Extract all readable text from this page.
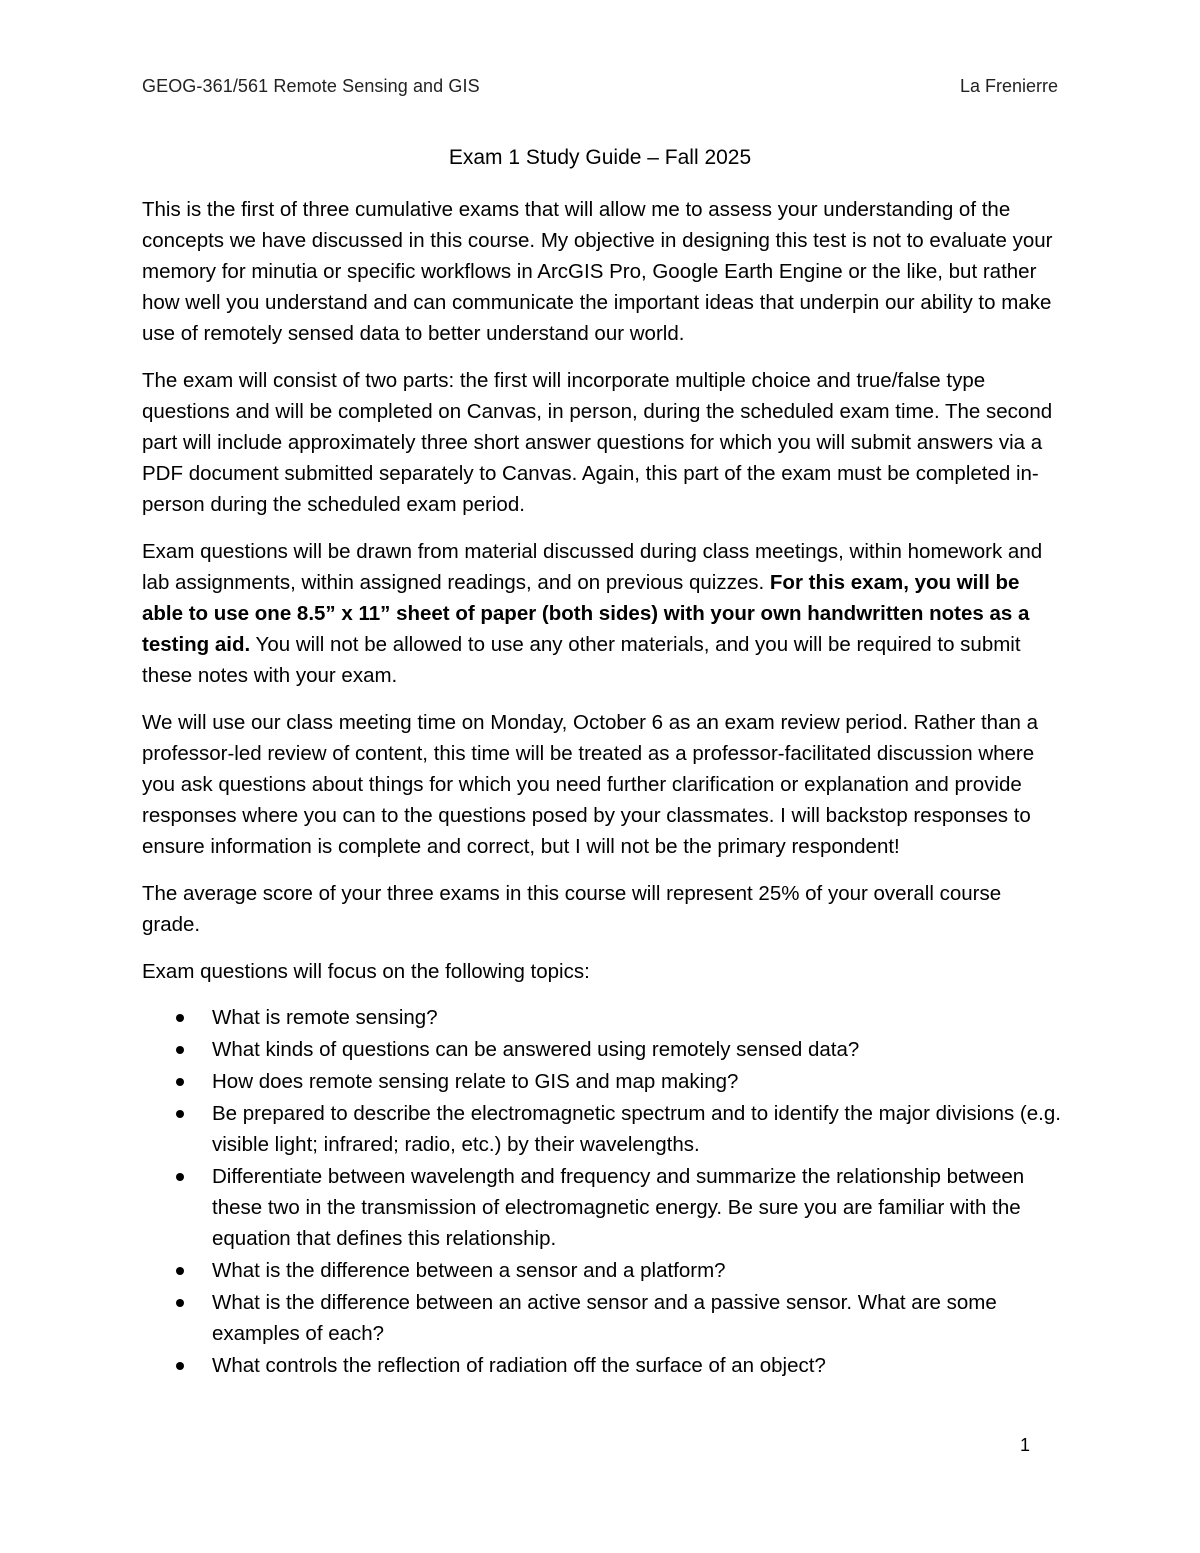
GEOG-361/561 Remote Sensing and GIS	La Frenierre
Exam 1 Study Guide – Fall 2025

This is the first of three cumulative exams that will allow me to assess your understanding of the concepts we have discussed in this course. My objective in designing this test is not to evaluate your memory for minutia or specific workflows in ArcGIS Pro, Google Earth Engine or the like, but rather how well you understand and can communicate the important ideas that underpin our ability to make use of remotely sensed data to better understand our world.

The exam will consist of two parts: the first will incorporate multiple choice and true/false type questions and will be completed on Canvas, in person, during the scheduled exam time. The second part will include approximately three short answer questions for which you will submit answers via a PDF document submitted separately to Canvas. Again, this part of the exam must be completed in-person during the scheduled exam period.

Exam questions will be drawn from material discussed during class meetings, within homework and lab assignments, within assigned readings, and on previous quizzes. For this exam, you will be able to use one 8.5” x 11” sheet of paper (both sides) with your own handwritten notes as a testing aid. You will not be allowed to use any other materials, and you will be required to submit these notes with your exam.

We will use our class meeting time on Monday, October 6 as an exam review period. Rather than a professor-led review of content, this time will be treated as a professor-facilitated discussion where you ask questions about things for which you need further clarification or explanation and provide responses where you can to the questions posed by your classmates. I will backstop responses to ensure information is complete and correct, but I will not be the primary respondent!

The average score of your three exams in this course will represent 25% of your overall course grade.

Exam questions will focus on the following topics:

What is remote sensing?
What kinds of questions can be answered using remotely sensed data?
How does remote sensing relate to GIS and map making?
Be prepared to describe the electromagnetic spectrum and to identify the major divisions (e.g. visible light; infrared; radio, etc.) by their wavelengths.
Differentiate between wavelength and frequency and summarize the relationship between these two in the transmission of electromagnetic energy. Be sure you are familiar with the equation that defines this relationship.
What is the difference between a sensor and a platform?
What is the difference between an active sensor and a passive sensor. What are some examples of each?
What controls the reflection of radiation off the surface of an object?
1
